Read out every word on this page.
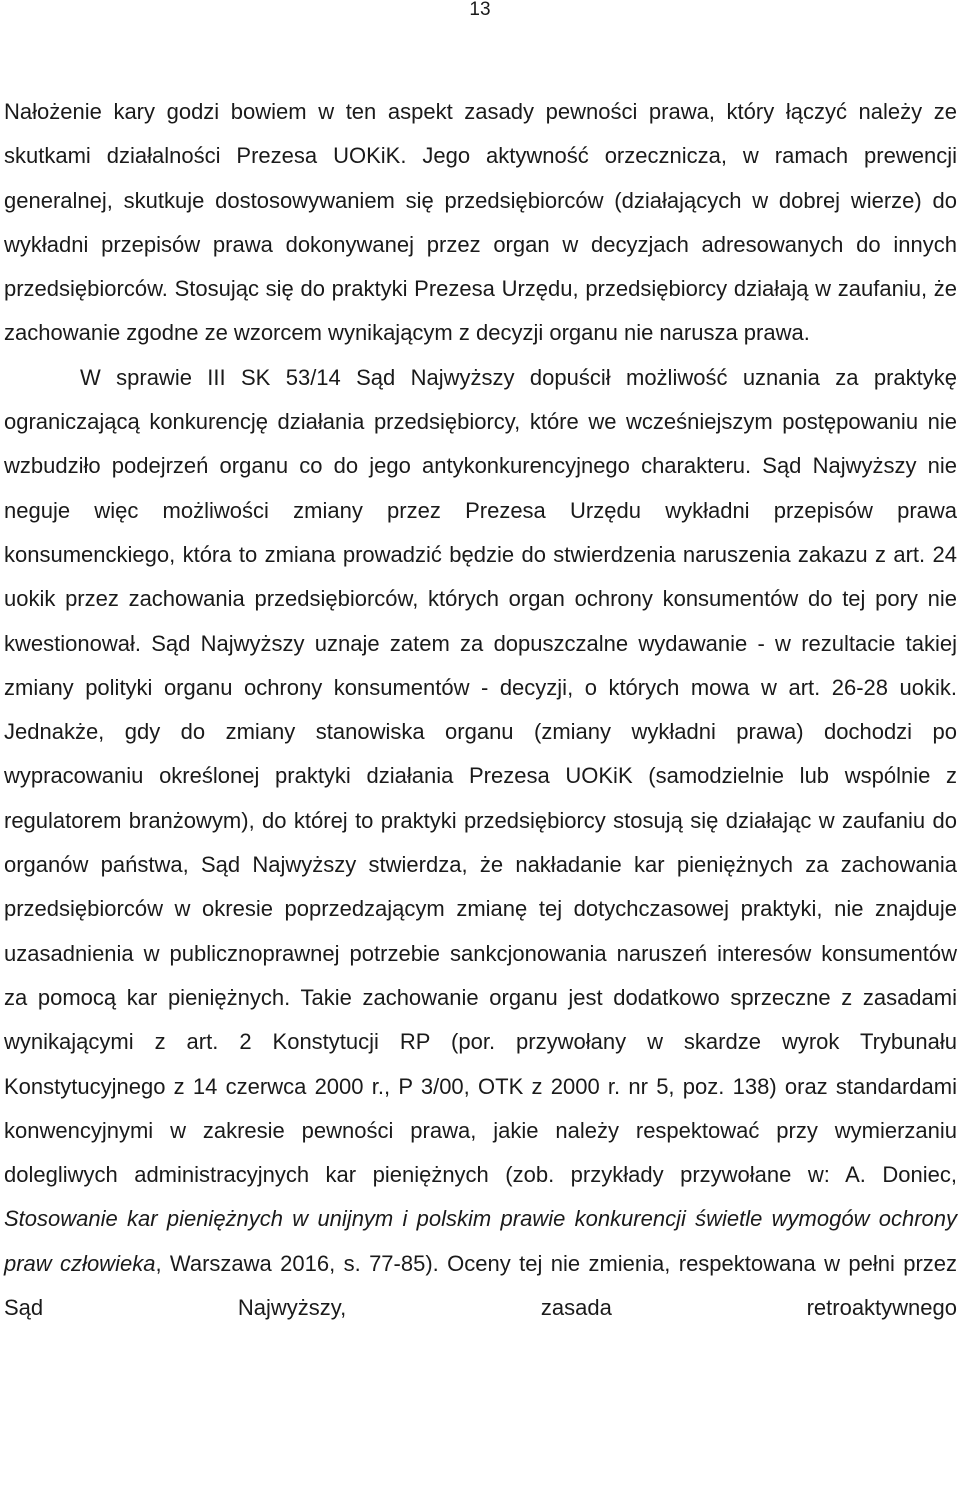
13

Nałożenie kary godzi bowiem w ten aspekt zasady pewności prawa, który łączyć należy ze skutkami działalności Prezesa UOKiK. Jego aktywność orzecznicza, w ramach prewencji generalnej, skutkuje dostosowywaniem się przedsiębiorców (działających w dobrej wierze) do wykładni przepisów prawa dokonywanej przez organ w decyzjach adresowanych do innych przedsiębiorców. Stosując się do praktyki Prezesa Urzędu, przedsiębiorcy działają w zaufaniu, że zachowanie zgodne ze wzorcem wynikającym z decyzji organu nie narusza prawa.

W sprawie III SK 53/14 Sąd Najwyższy dopuścił możliwość uznania za praktykę ograniczającą konkurencję działania przedsiębiorcy, które we wcześniejszym postępowaniu nie wzbudziło podejrzeń organu co do jego antykonkurencyjnego charakteru. Sąd Najwyższy nie neguje więc możliwości zmiany przez Prezesa Urzędu wykładni przepisów prawa konsumenckiego, która to zmiana prowadzić będzie do stwierdzenia naruszenia zakazu z art. 24 uokik przez zachowania przedsiębiorców, których organ ochrony konsumentów do tej pory nie kwestionował. Sąd Najwyższy uznaje zatem za dopuszczalne wydawanie - w rezultacie takiej zmiany polityki organu ochrony konsumentów - decyzji, o których mowa w art. 26-28 uokik. Jednakże, gdy do zmiany stanowiska organu (zmiany wykładni prawa) dochodzi po wypracowaniu określonej praktyki działania Prezesa UOKiK (samodzielnie lub wspólnie z regulatorem branżowym), do której to praktyki przedsiębiorcy stosują się działając w zaufaniu do organów państwa, Sąd Najwyższy stwierdza, że nakładanie kar pieniężnych za zachowania przedsiębiorców w okresie poprzedzającym zmianę tej dotychczasowej praktyki, nie znajduje uzasadnienia w publicznoprawnej potrzebie sankcjonowania naruszeń interesów konsumentów za pomocą kar pieniężnych. Takie zachowanie organu jest dodatkowo sprzeczne z zasadami wynikającymi z art. 2 Konstytucji RP (por. przywołany w skardze wyrok Trybunału Konstytucyjnego z 14 czerwca 2000 r., P 3/00, OTK z 2000 r. nr 5, poz. 138) oraz standardami konwencyjnymi w zakresie pewności prawa, jakie należy respektować przy wymierzaniu dolegliwych administracyjnych kar pieniężnych (zob. przykłady przywołane w: A. Doniec, Stosowanie kar pieniężnych w unijnym i polskim prawie konkurencji świetle wymogów ochrony praw człowieka, Warszawa 2016, s. 77-85). Oceny tej nie zmienia, respektowana w pełni przez Sąd Najwyższy, zasada retroaktywnego
